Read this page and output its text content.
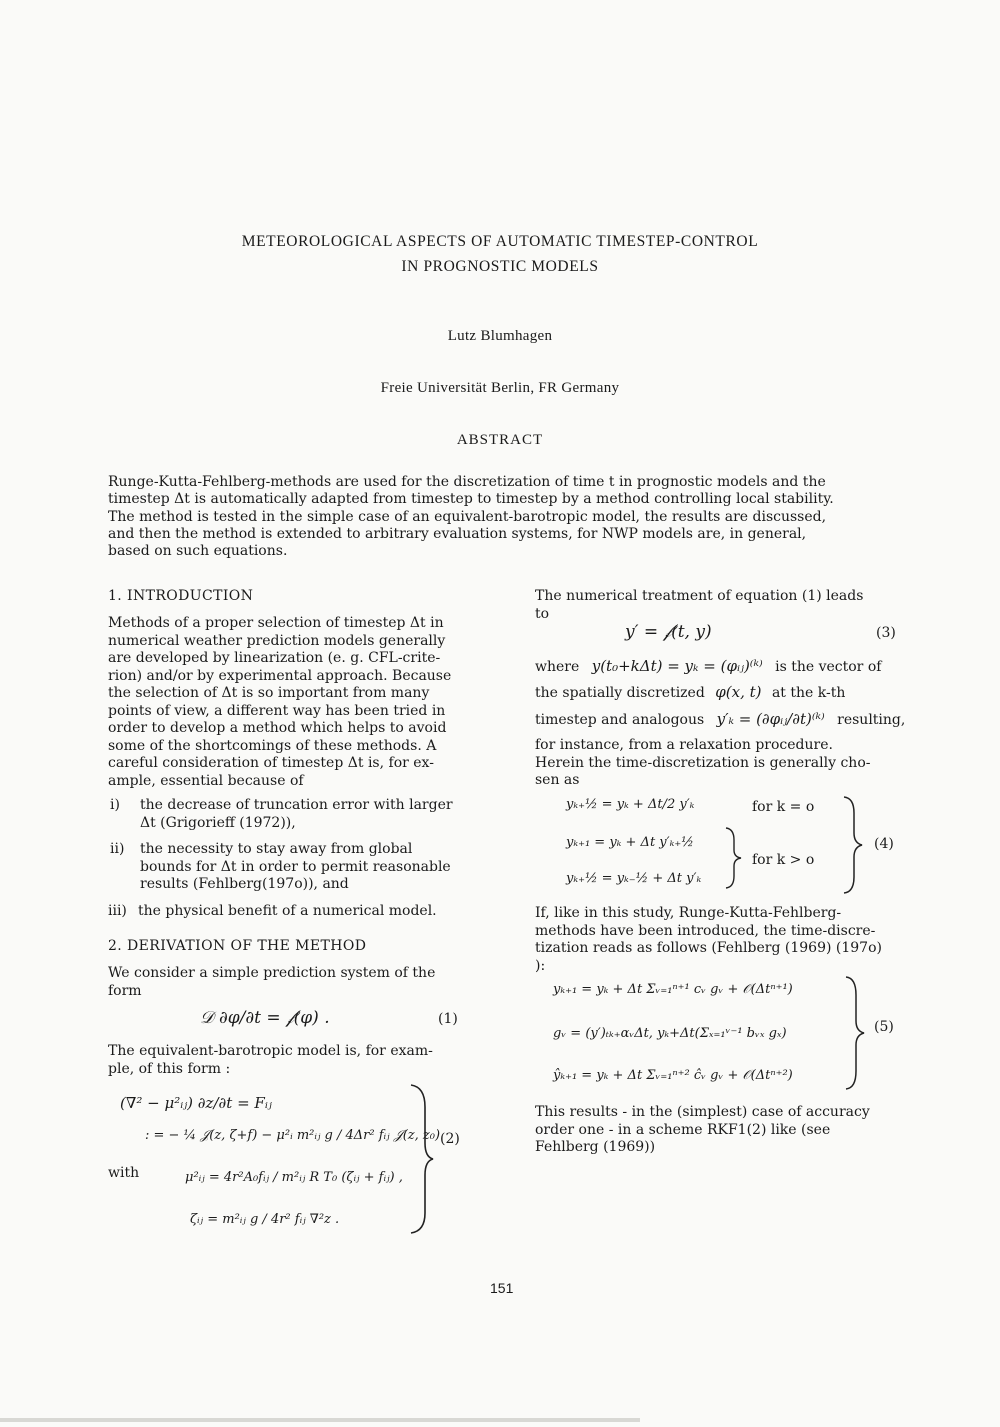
METEOROLOGICAL ASPECTS OF AUTOMATIC TIMESTEP-CONTROL
IN PROGNOSTIC MODELS
Lutz Blumhagen
Freie Universität Berlin, FR Germany
ABSTRACT
Runge-Kutta-Fehlberg-methods are used for the discretization of time t in prognostic models and the
timestep Δt is automatically adapted from timestep to timestep by a method controlling local stability.
The method is tested in the simple case of an equivalent-barotropic model, the results are discussed,
and then the method is extended to arbitrary evaluation systems, for NWP models are, in general,
based on such equations.
1. INTRODUCTION

Methods of a proper selection of timestep Δt in

numerical weather prediction models generally

are developed by linearization (e. g. CFL-crite-

rion) and/or by experimental approach. Because

the selection of Δt is so important from many

points of view, a different way has been tried in

order to develop a method which helps to avoid

some of the shortcomings of these methods. A

careful consideration of timestep Δt is, for ex-

ample, essential because of

i) the decrease of truncation error with larger
Δt (Grigorieff (1972)),
ii) the necessity to stay away from global
bounds for Δt in order to permit reasonable
results (Fehlberg(197o)), and
iii) the physical benefit of a numerical model.
2. DERIVATION OF THE METHOD

We consider a simple prediction system of the

form

𝒟 ∂φ/∂t = 𝒻(φ) .	(1)

The equivalent-barotropic model is, for exam-

ple, of this form :

(∇² − μ²ᵢⱼ) ∂z/∂t = Fᵢⱼ
: = − ¼ 𝒥(z, ζ+f) − μ²ᵢ m²ᵢⱼ g / 4Δr² fᵢⱼ 𝒥(z, z₀)
with	μ²ᵢⱼ = 4r²A₀fᵢⱼ / m²ᵢⱼ R T₀ (ζᵢⱼ + fᵢⱼ) ,
ζᵢⱼ = m²ᵢⱼ g / 4r² fᵢⱼ ∇²z .
(2)

The numerical treatment of equation (1) leads

to

y′ = 𝒻(t, y)	(3)
where y(t₀+kΔt) = yₖ = (φᵢⱼ)⁽ᵏ⁾ is the vector of
the spatially discretized φ(x, t) at the k-th
timestep and analogous y′ₖ = (∂φᵢⱼ/∂t)⁽ᵏ⁾ resulting,

for instance, from a relaxation procedure.

Herein the time-discretization is generally cho-

sen as

yₖ₊½ = yₖ + Δt/2 y′ₖ	for k = o
yₖ₊₁ = yₖ + Δt y′ₖ₊½
yₖ₊½ = yₖ₋½ + Δt y′ₖ
for k > o
(4)

If, like in this study, Runge-Kutta-Fehlberg-

methods have been introduced, the time-discre-

tization reads as follows (Fehlberg (1969) (197o)

):

yₖ₊₁ = yₖ + Δt Σᵥ₌₁ⁿ⁺¹ cᵥ gᵥ + 𝒪(Δtⁿ⁺¹)
gᵥ = (y′)ₜₖ₊αᵥΔt, yₖ+Δt(Σₓ₌₁ᵛ⁻¹ bᵥₓ gₓ)
ŷₖ₊₁ = yₖ + Δt Σᵥ₌₁ⁿ⁺² ĉᵥ gᵥ + 𝒪(Δtⁿ⁺²)
(5)

This results - in the (simplest) case of accuracy

order one - in a scheme RKF1(2) like (see

Fehlberg (1969))

151
